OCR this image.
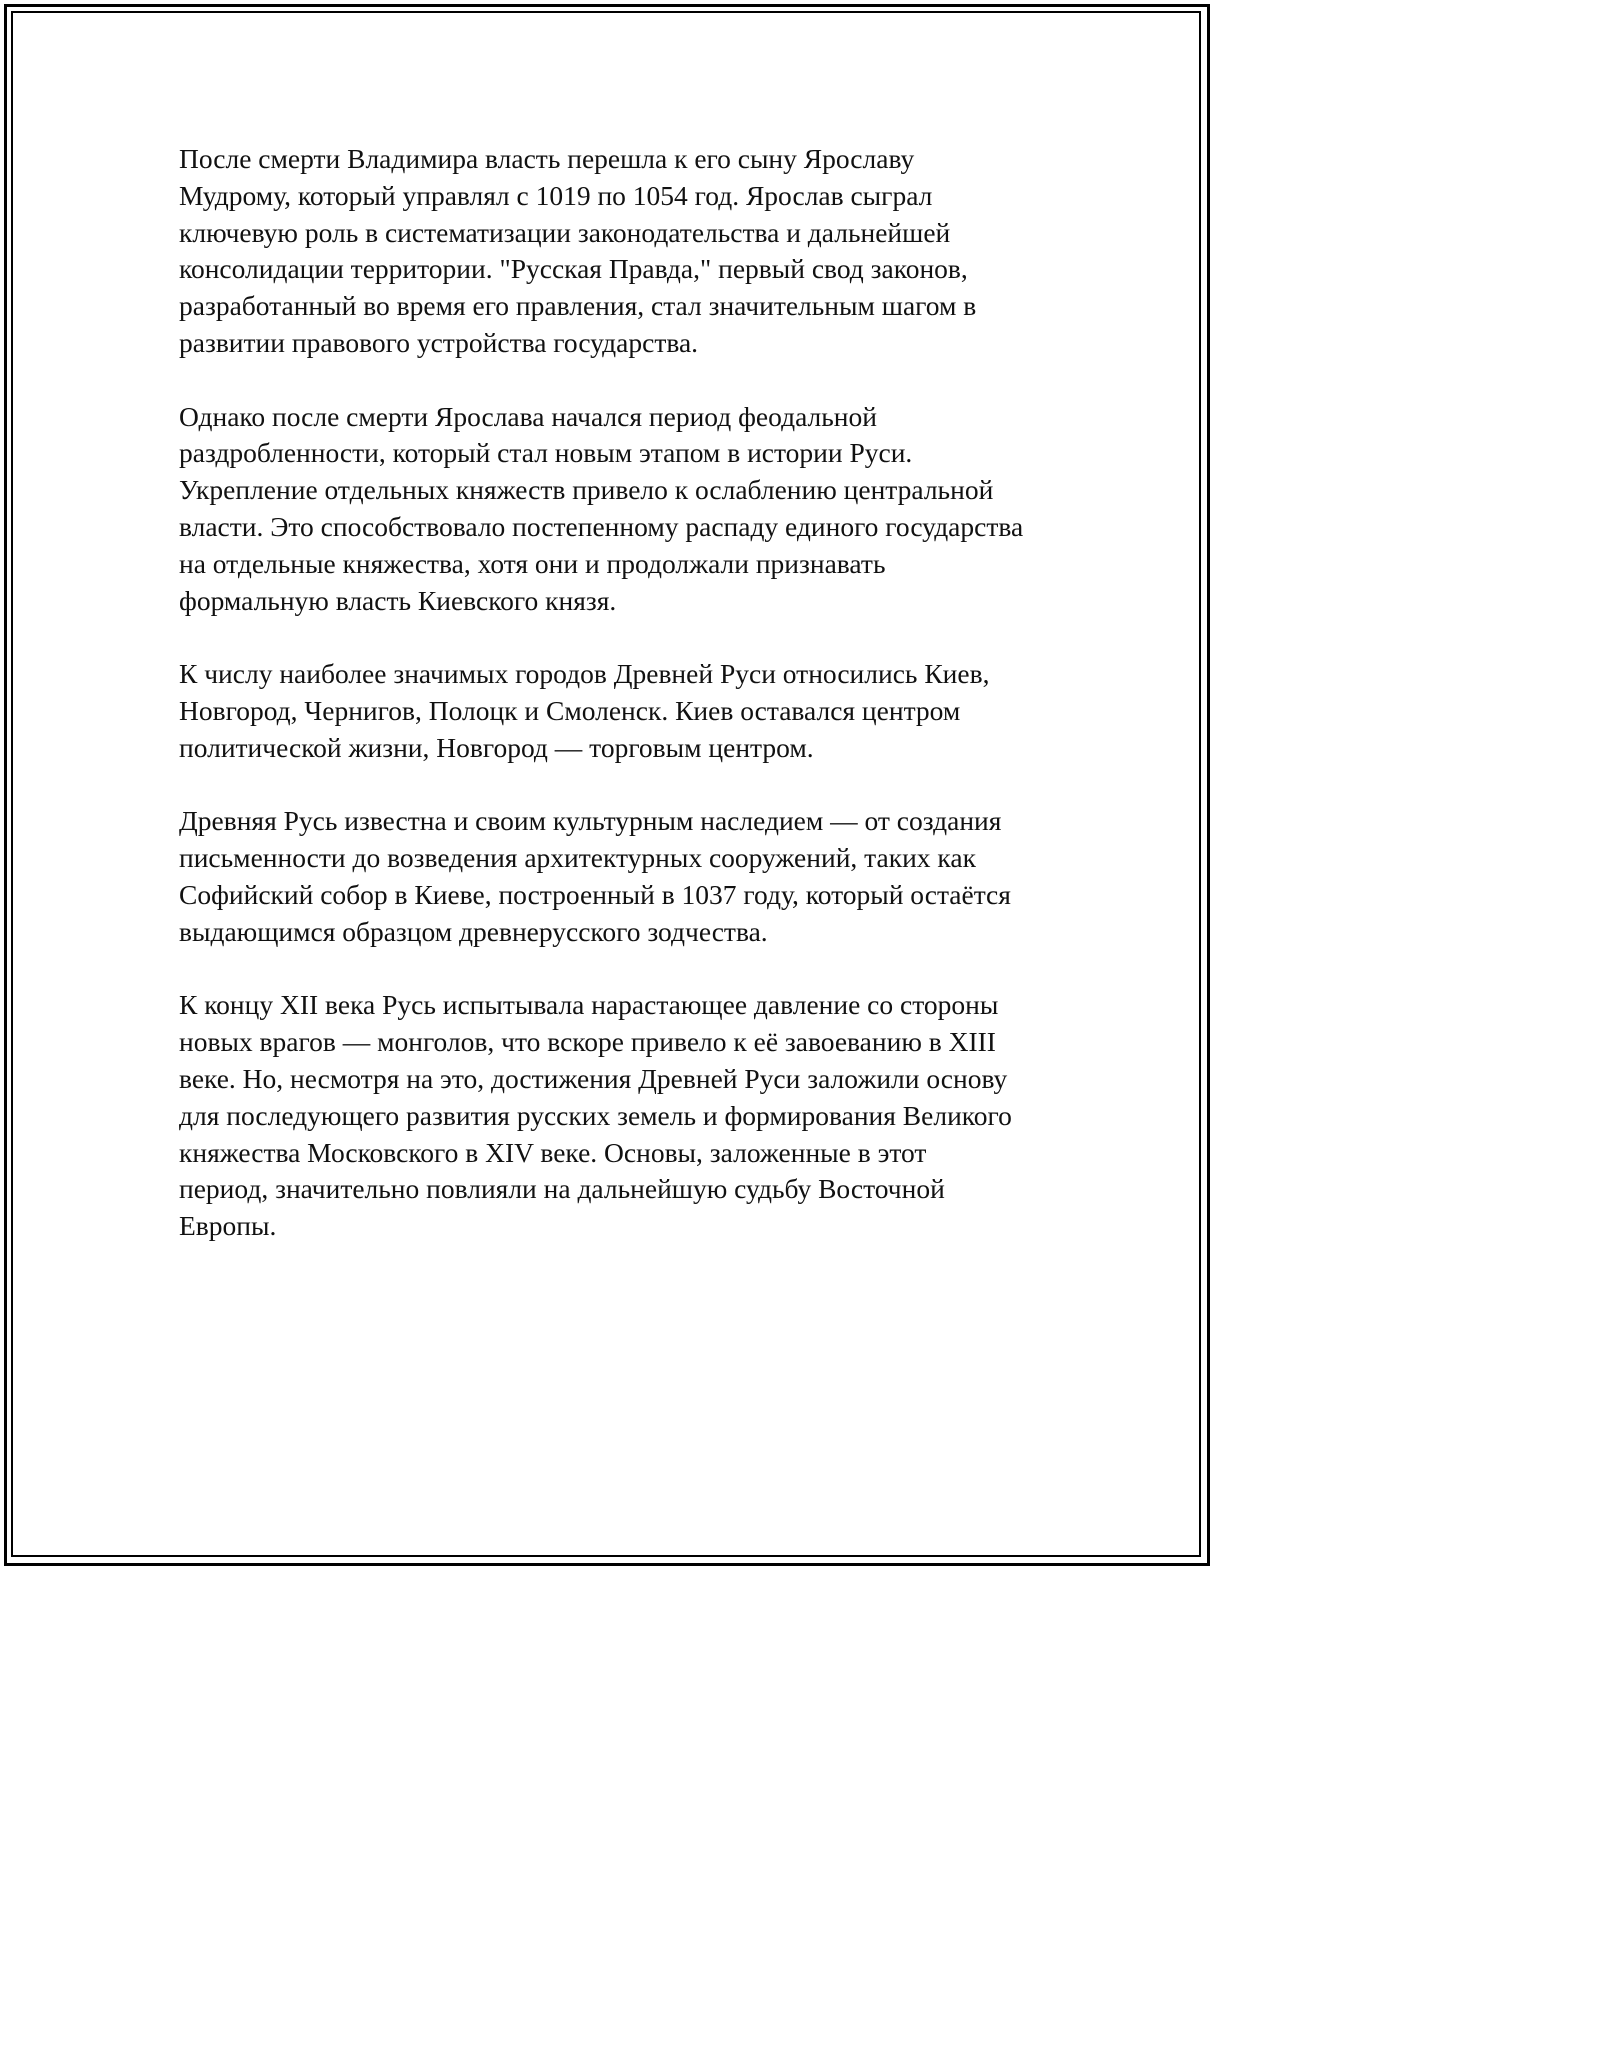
После смерти Владимира власть перешла к его сыну Ярославу
Мудрому, который управлял с 1019 по 1054 год. Ярослав сыграл
ключевую роль в систематизации законодательства и дальнейшей
консолидации территории. "Русская Правда," первый свод законов,
разработанный во время его правления, стал значительным шагом в
развитии правового устройства государства.
Однако после смерти Ярослава начался период феодальной
раздробленности, который стал новым этапом в истории Руси.
Укрепление отдельных княжеств привело к ослаблению центральной
власти. Это способствовало постепенному распаду единого государства
на отдельные княжества, хотя они и продолжали признавать
формальную власть Киевского князя.
К числу наиболее значимых городов Древней Руси относились Киев,
Новгород, Чернигов, Полоцк и Смоленск. Киев оставался центром
политической жизни, Новгород — торговым центром.
Древняя Русь известна и своим культурным наследием — от создания
письменности до возведения архитектурных сооружений, таких как
Софийский собор в Киеве, построенный в 1037 году, который остаётся
выдающимся образцом древнерусского зодчества.
К концу XII века Русь испытывала нарастающее давление со стороны
новых врагов — монголов, что вскоре привело к её завоеванию в XIII
веке. Но, несмотря на это, достижения Древней Руси заложили основу
для последующего развития русских земель и формирования Великого
княжества Московского в XIV веке. Основы, заложенные в этот
период, значительно повлияли на дальнейшую судьбу Восточной
Европы.
